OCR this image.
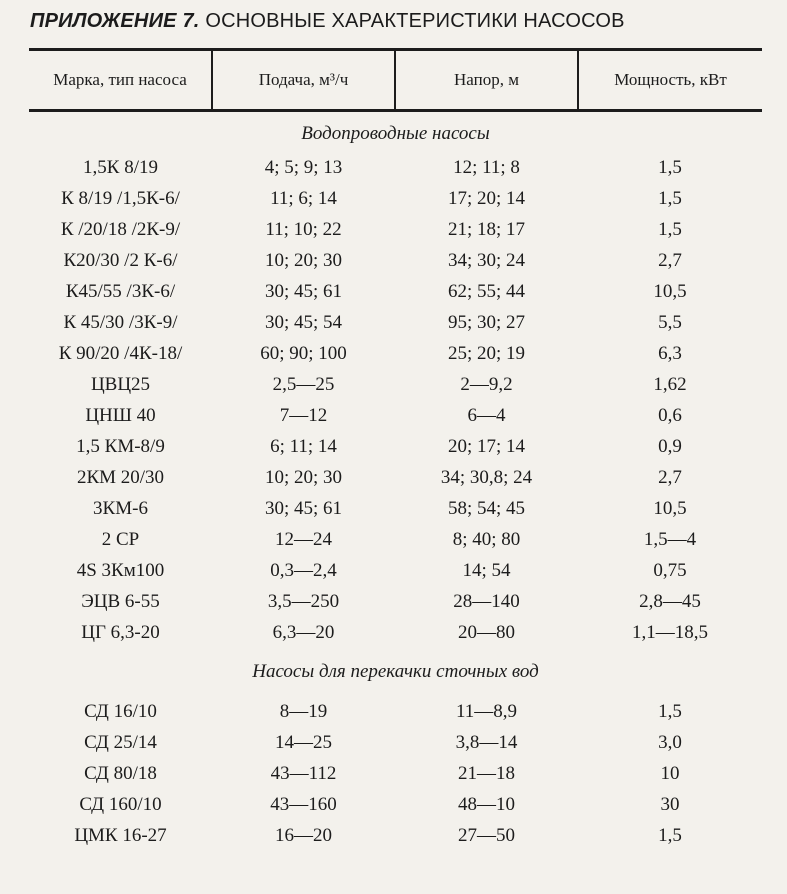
ПРИЛОЖЕНИЕ 7. ОСНОВНЫЕ ХАРАКТЕРИСТИКИ НАСОСОВ
Марка, тип насоса	Подача, м³/ч	Напор, м	Мощность, кВт
Водопроводные насосы			
1,5К 8/19	4; 5; 9; 13	12; 11; 8	1,5
К 8/19 /1,5К-6/	11; 6; 14	17; 20; 14	1,5
К /20/18 /2К-9/	11; 10; 22	21; 18; 17	1,5
К20/30 /2 К-6/	10; 20; 30	34; 30; 24	2,7
К45/55 /3К-6/	30; 45; 61	62; 55; 44	10,5
К 45/30 /3К-9/	30; 45; 54	95; 30; 27	5,5
К 90/20 /4К-18/	60; 90; 100	25; 20; 19	6,3
ЦВЦ25	2,5—25	2—9,2	1,62
ЦНШ 40	7—12	6—4	0,6
1,5 КМ-8/9	6; 11; 14	20; 17; 14	0,9
2КМ 20/30	10; 20; 30	34; 30,8; 24	2,7
3КМ-6	30; 45; 61	58; 54; 45	10,5
2 СР	12—24	8; 40; 80	1,5—4
4S 3Км100	0,3—2,4	14; 54	0,75
ЭЦВ 6-55	3,5—250	28—140	2,8—45
ЦГ 6,3-20	6,3—20	20—80	1,1—18,5
Насосы для перекачки сточных вод			
СД 16/10	8—19	11—8,9	1,5
СД 25/14	14—25	3,8—14	3,0
СД 80/18	43—112	21—18	10
СД 160/10	43—160	48—10	30
ЦМК 16-27	16—20	27—50	1,5
